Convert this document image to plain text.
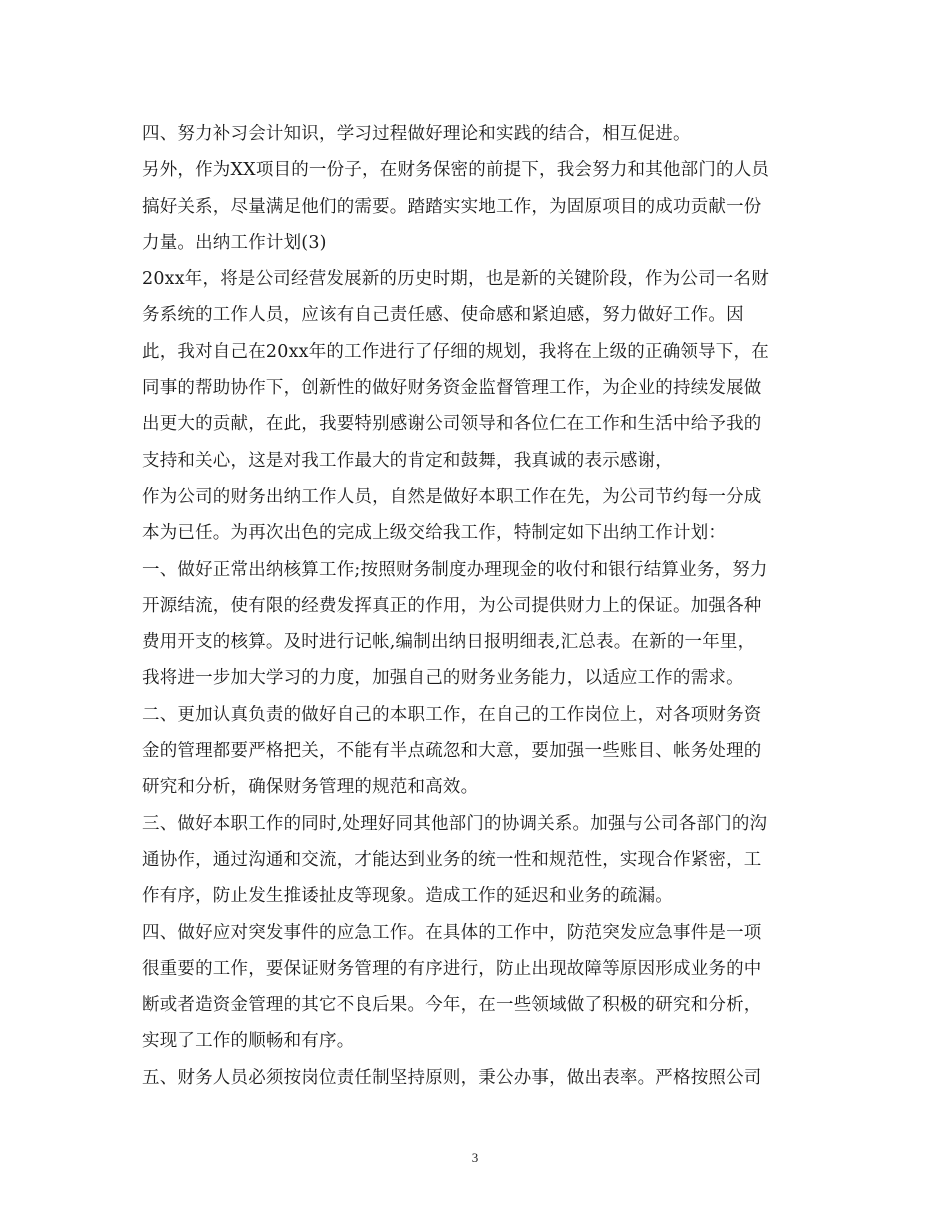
四、努力补习会计知识，学习过程做好理论和实践的结合，相互促进。
另外，作为XX项目的一份子，在财务保密的前提下，我会努力和其他部门的人员
搞好关系，尽量满足他们的需要。踏踏实实地工作，为固原项目的成功贡献一份
力量。出纳工作计划(3)
20xx年，将是公司经营发展新的历史时期，也是新的关键阶段，作为公司一名财
务系统的工作人员，应该有自己责任感、使命感和紧迫感，努力做好工作。因
此，我对自己在20xx年的工作进行了仔细的规划，我将在上级的正确领导下，在
同事的帮助协作下，创新性的做好财务资金监督管理工作，为企业的持续发展做
出更大的贡献，在此，我要特别感谢公司领导和各位仁在工作和生活中给予我的
支持和关心，这是对我工作最大的肯定和鼓舞，我真诚的表示感谢，
作为公司的财务出纳工作人员，自然是做好本职工作在先，为公司节约每一分成
本为已任。为再次出色的完成上级交给我工作，特制定如下出纳工作计划：
一、做好正常出纳核算工作;按照财务制度办理现金的收付和银行结算业务，努力
开源结流，使有限的经费发挥真正的作用，为公司提供财力上的保证。加强各种
费用开支的核算。及时进行记帐,编制出纳日报明细表,汇总表。在新的一年里，
我将进一步加大学习的力度，加强自己的财务业务能力，以适应工作的需求。
二、更加认真负责的做好自己的本职工作，在自己的工作岗位上，对各项财务资
金的管理都要严格把关，不能有半点疏忽和大意，要加强一些账目、帐务处理的
研究和分析，确保财务管理的规范和高效。
三、做好本职工作的同时,处理好同其他部门的协调关系。加强与公司各部门的沟
通协作，通过沟通和交流，才能达到业务的统一性和规范性，实现合作紧密，工
作有序，防止发生推诿扯皮等现象。造成工作的延迟和业务的疏漏。
四、做好应对突发事件的应急工作。在具体的工作中，防范突发应急事件是一项
很重要的工作，要保证财务管理的有序进行，防止出现故障等原因形成业务的中
断或者造资金管理的其它不良后果。今年，在一些领域做了积极的研究和分析，
实现了工作的顺畅和有序。
五、财务人员必须按岗位责任制坚持原则，秉公办事，做出表率。严格按照公司
3
